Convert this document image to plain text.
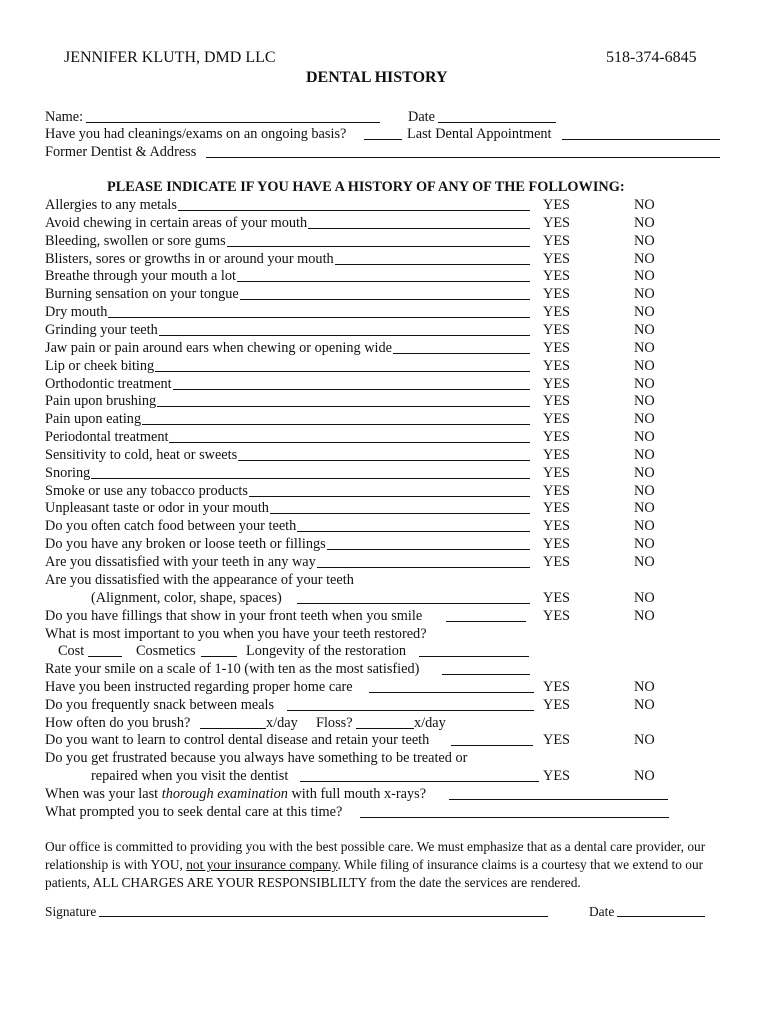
JENNIFER KLUTH, DMD LLC	518-374-6845
DENTAL HISTORY
Name:	Date
Have you had cleanings/exams on an ongoing basis?	Last Dental Appointment
Former Dentist & Address
PLEASE INDICATE IF YOU HAVE A HISTORY OF ANY OF THE FOLLOWING:
Allergies to any metals	YES	NO
Avoid chewing in certain areas of your mouth	YES	NO
Bleeding, swollen or sore gums	YES	NO
Blisters, sores or growths in or around your mouth	YES	NO
Breathe through your mouth a lot	YES	NO
Burning sensation on your tongue	YES	NO
Dry mouth	YES	NO
Grinding your teeth	YES	NO
Jaw pain or pain around ears when chewing or opening wide	YES	NO
Lip or cheek biting	YES	NO
Orthodontic treatment	YES	NO
Pain upon brushing	YES	NO
Pain upon eating	YES	NO
Periodontal treatment	YES	NO
Sensitivity to cold, heat or sweets	YES	NO
Snoring	YES	NO
Smoke or use any tobacco products	YES	NO
Unpleasant taste or odor in your mouth	YES	NO
Do you often catch food between your teeth	YES	NO
Do you have any broken or loose teeth or fillings	YES	NO
Are you dissatisfied with your teeth in any way	YES	NO
Are you dissatisfied with the appearance of your teeth
(Alignment, color, shape, spaces)	YES	NO
Do you have fillings that show in your front teeth when you smile	YES	NO
What is most important to you when you have your teeth restored?
Cost	Cosmetics	Longevity of the restoration
Rate your smile on a scale of 1-10 (with ten as the most satisfied)
Have you been instructed regarding proper home care	YES	NO
Do you frequently snack between meals	YES	NO
How often do you brush?	x/day Floss?	x/day
Do you want to learn to control dental disease and retain your teeth	YES	NO
Do you get frustrated because you always have something to be treated or
repaired when you visit the dentist	YES	NO
When was your last thorough examination with full mouth x-rays?
What prompted you to seek dental care at this time?
Our office is committed to providing you with the best possible care. We must emphasize that as a dental care provider, our relationship is with YOU, not your insurance company. While filing of insurance claims is a courtesy that we extend to our patients, ALL CHARGES ARE YOUR RESPONSIBLILTY from the date the services are rendered.
Signature	Date
